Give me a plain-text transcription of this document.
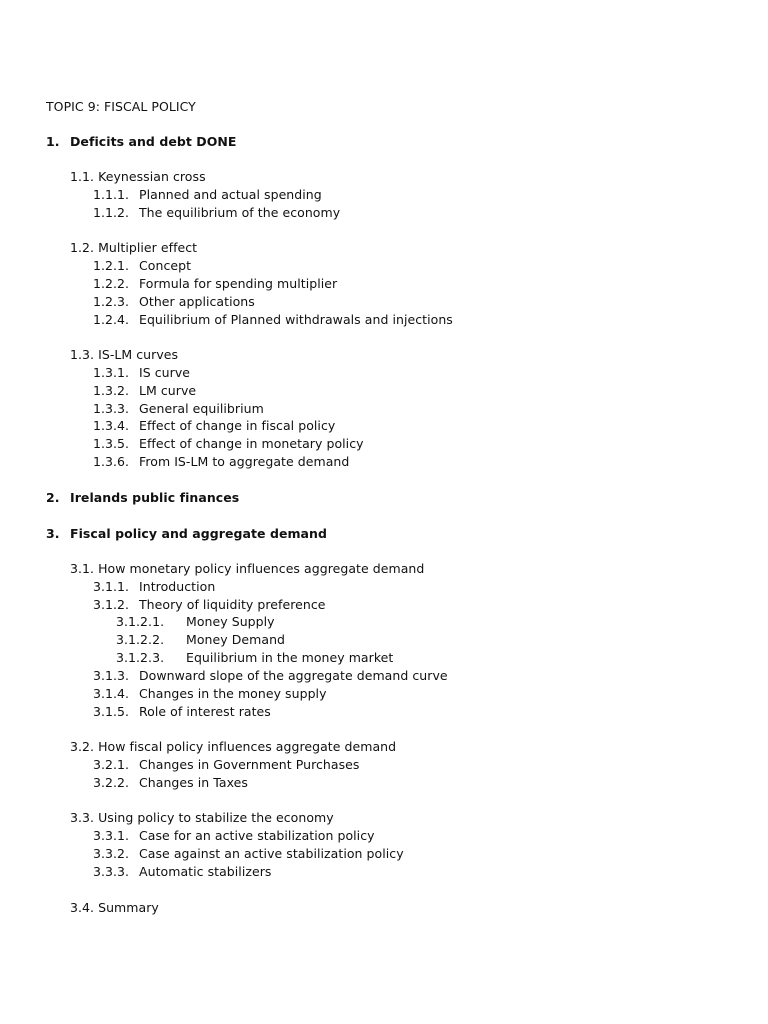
TOPIC 9: FISCAL POLICY
1. Deficits and debt DONE
1.1. Keynessian cross
1.1.1. Planned and actual spending
1.1.2. The equilibrium of the economy
1.2. Multiplier effect
1.2.1. Concept
1.2.2. Formula for spending multiplier
1.2.3. Other applications
1.2.4. Equilibrium of Planned withdrawals and injections
1.3. IS-LM curves
1.3.1. IS curve
1.3.2. LM curve
1.3.3. General equilibrium
1.3.4. Effect of change in fiscal policy
1.3.5. Effect of change in monetary policy
1.3.6. From IS-LM to aggregate demand
2. Irelands public finances
3. Fiscal policy and aggregate demand
3.1. How monetary policy influences aggregate demand
3.1.1. Introduction
3.1.2. Theory of liquidity preference
3.1.2.1. Money Supply
3.1.2.2. Money Demand
3.1.2.3. Equilibrium in the money market
3.1.3. Downward slope of the aggregate demand curve
3.1.4. Changes in the money supply
3.1.5. Role of interest rates
3.2. How fiscal policy influences aggregate demand
3.2.1. Changes in Government Purchases
3.2.2. Changes in Taxes
3.3. Using policy to stabilize the economy
3.3.1. Case for an active stabilization policy
3.3.2. Case against an active stabilization policy
3.3.3. Automatic stabilizers
3.4. Summary
